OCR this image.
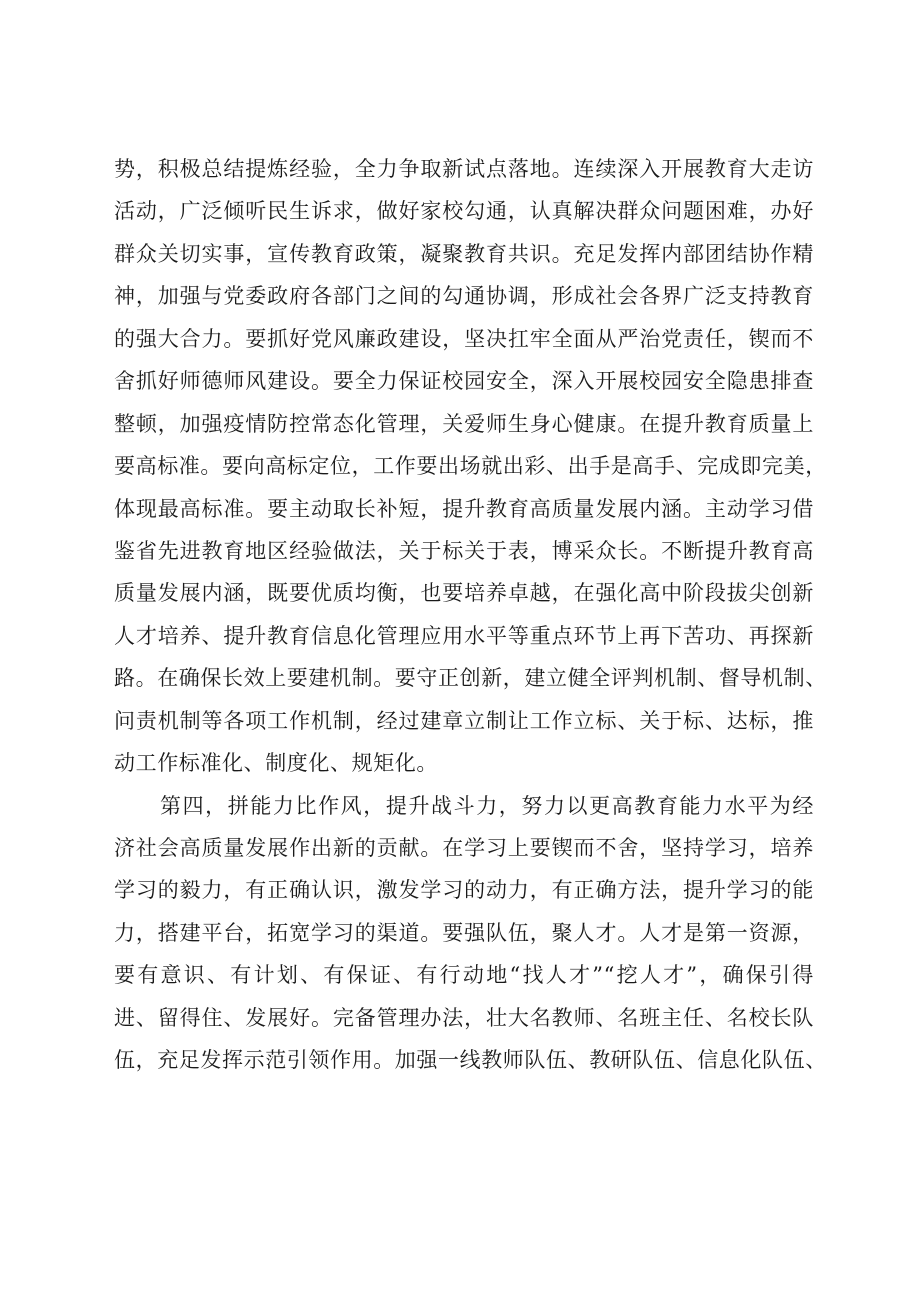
势，积极总结提炼经验，全力争取新试点落地。连续深入开展教育大走访
活动，广泛倾听民生诉求，做好家校勾通，认真解决群众问题困难，办好
群众关切实事，宣传教育政策，凝聚教育共识。充足发挥内部团结协作精
神，加强与党委政府各部门之间的勾通协调，形成社会各界广泛支持教育
的强大合力。要抓好党风廉政建设，坚决扛牢全面从严治党责任，锲而不
舍抓好师德师风建设。要全力保证校园安全，深入开展校园安全隐患排查
整顿，加强疫情防控常态化管理，关爱师生身心健康。在提升教育质量上
要高标准。要向高标定位，工作要出场就出彩、出手是高手、完成即完美，
体现最高标准。要主动取长补短，提升教育高质量发展内涵。主动学习借
鉴省先进教育地区经验做法，关于标关于表，博采众长。不断提升教育高
质量发展内涵，既要优质均衡，也要培养卓越，在强化高中阶段拔尖创新
人才培养、提升教育信息化管理应用水平等重点环节上再下苦功、再探新
路。在确保长效上要建机制。要守正创新，建立健全评判机制、督导机制、
问责机制等各项工作机制，经过建章立制让工作立标、关于标、达标，推
动工作标准化、制度化、规矩化。
第四，拼能力比作风，提升战斗力，努力以更高教育能力水平为经
济社会高质量发展作出新的贡献。在学习上要锲而不舍，坚持学习，培养
学习的毅力，有正确认识，激发学习的动力，有正确方法，提升学习的能
力，搭建平台，拓宽学习的渠道。要强队伍，聚人才。人才是第一资源，
要有意识、有计划、有保证、有行动地“找人才”“挖人才”，确保引得
进、留得住、发展好。完备管理办法，壮大名教师、名班主任、名校长队
伍，充足发挥示范引领作用。加强一线教师队伍、教研队伍、信息化队伍、
